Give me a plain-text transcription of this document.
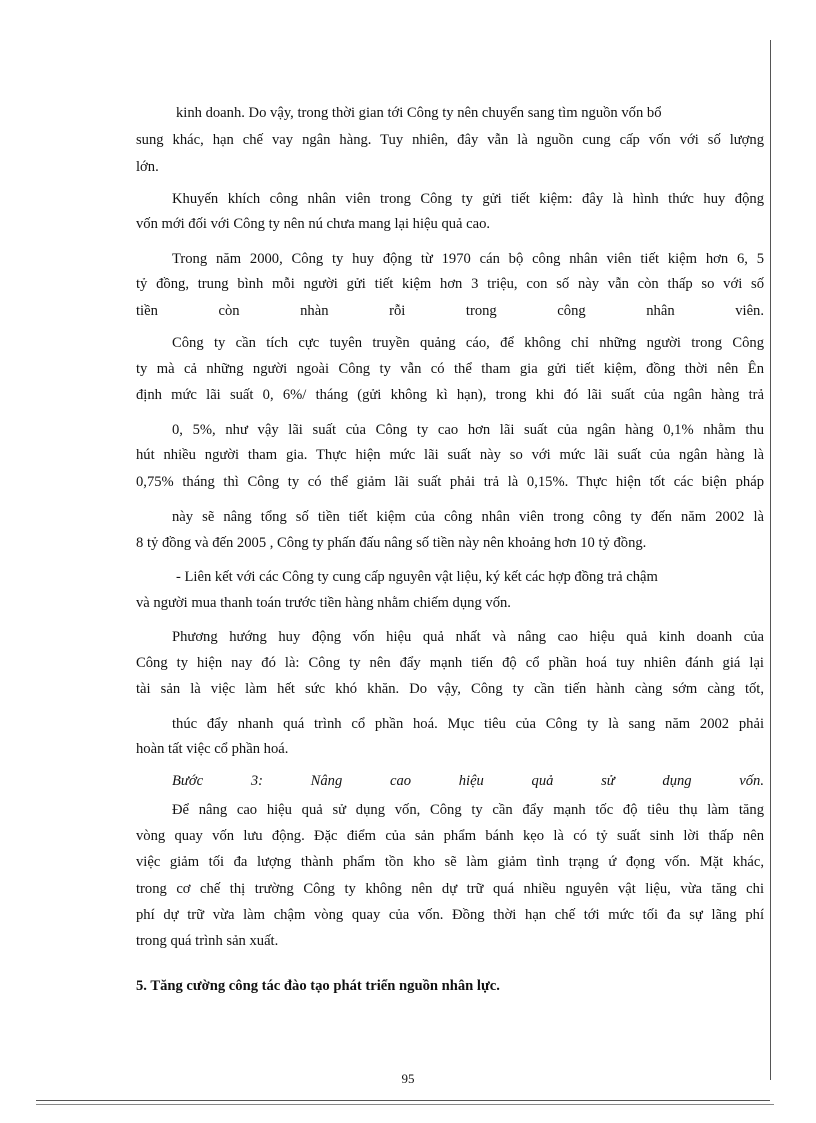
kinh doanh. Do vậy, trong thời gian tới Công ty nên chuyển sang tìm nguồn vốn bổ
sung khác, hạn chế vay ngân hàng. Tuy nhiên, đây vẫn là nguồn cung cấp vốn với số lượng
lớn.
Khuyến khích công nhân viên trong Công ty gửi tiết kiệm: đây là hình thức huy động
vốn mới đối với Công ty nên nú chưa mang lại hiệu quả cao.
Trong năm 2000, Công ty huy động từ 1970 cán bộ công nhân viên tiết kiệm hơn 6, 5
tỷ đồng, trung bình mỗi người gửi tiết kiệm hơn 3 triệu, con số này vẫn còn thấp so với số
tiền còn nhàn rỗi trong công nhân viên.
Công ty cần tích cực tuyên truyền quảng cáo, để không chỉ những người trong Công
ty mà cả những người ngoài Công ty vẫn có thể tham gia gửi tiết kiệm, đồng thời nên Ên
định mức lãi suất 0, 6%/ tháng (gửi không kì hạn), trong khi đó lãi suất của ngân hàng trả
0, 5%, như vậy lãi suất của Công ty cao hơn lãi suất của ngân hàng 0,1% nhằm thu
hút nhiều người tham gia. Thực hiện mức lãi suất này so với mức lãi suất của ngân hàng là
0,75% tháng thì Công ty có thể giảm lãi suất phải trả là 0,15%. Thực hiện tốt các biện pháp
này sẽ nâng tổng số tiền tiết kiệm của công nhân viên trong công ty đến năm 2002 là
8 tỷ đồng và đến 2005 , Công ty phấn đấu nâng số tiền này nên khoảng hơn 10 tỷ đồng.
- Liên kết với các Công ty cung cấp nguyên vật liệu, ký kết các hợp đồng trả chậm
và người mua thanh toán trước tiền hàng nhằm chiếm dụng vốn.
Phương hướng huy động vốn hiệu quả nhất và nâng cao hiệu quả kinh doanh của
Công ty hiện nay đó là: Công ty nên đẩy mạnh tiến độ cổ phần hoá tuy nhiên đánh giá lại
tài sản là việc làm hết sức khó khăn. Do vậy, Công ty cần tiến hành càng sớm càng tốt,
thúc đẩy nhanh quá trình cổ phần hoá. Mục tiêu của Công ty là sang năm 2002 phải
hoàn tất việc cổ phần hoá.
Bước 3: Nâng cao hiệu quả sử dụng vốn.
Để nâng cao hiệu quả sử dụng vốn, Công ty cần đẩy mạnh tốc độ tiêu thụ làm tăng
vòng quay vốn lưu động. Đặc điểm của sản phẩm bánh kẹo là có tỷ suất sinh lời thấp nên
việc giảm tối đa lượng thành phẩm tồn kho sẽ làm giảm tình trạng ứ đọng vốn. Mặt khác,
trong cơ chế thị trường Công ty không nên dự trữ quá nhiều nguyên vật liệu, vừa tăng chi
phí dự trữ vừa làm chậm vòng quay của vốn. Đồng thời hạn chế tới mức tối đa sự lãng phí
trong quá trình sản xuất.
5. Tăng cường công tác đào tạo phát triển nguồn nhân lực.
95
